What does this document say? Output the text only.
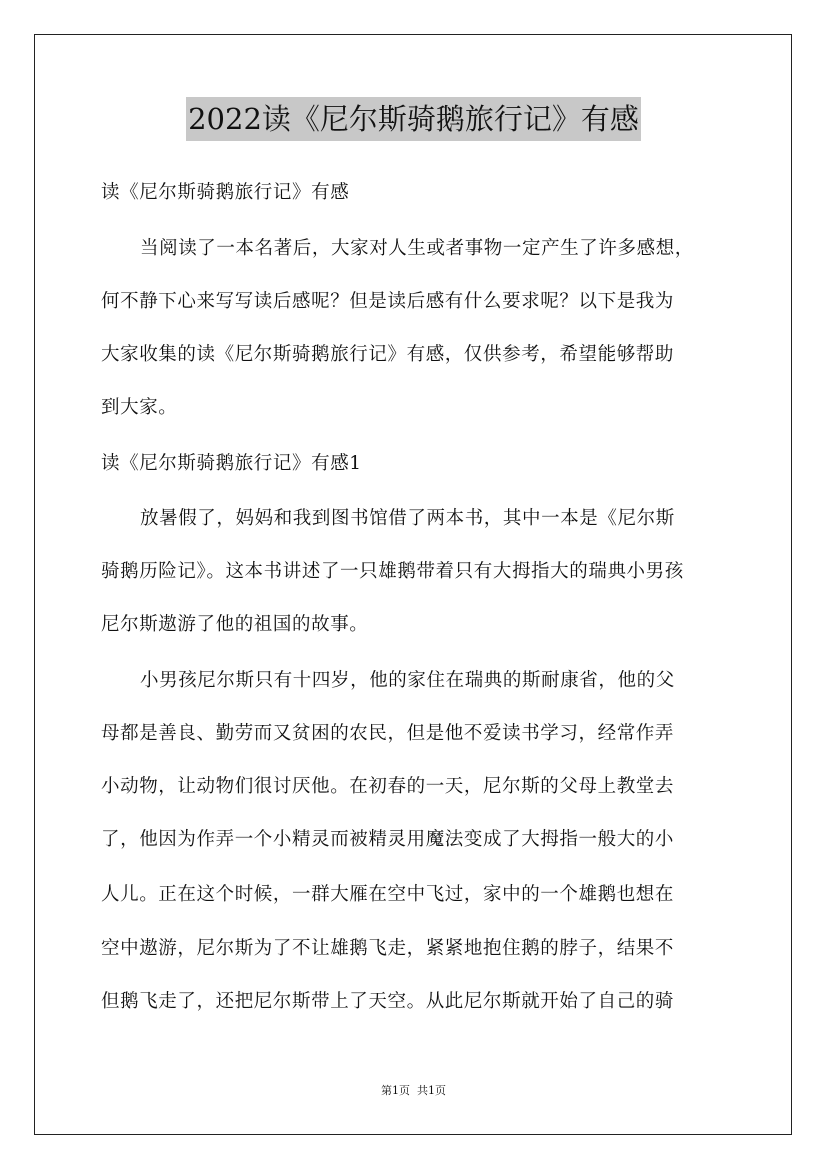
2022读《尼尔斯骑鹅旅行记》有感
读《尼尔斯骑鹅旅行记》有感
当阅读了一本名著后，大家对人生或者事物一定产生了许多感想，
何不静下心来写写读后感呢？但是读后感有什么要求呢？以下是我为
大家收集的读《尼尔斯骑鹅旅行记》有感，仅供参考，希望能够帮助
到大家。
读《尼尔斯骑鹅旅行记》有感1
放暑假了，妈妈和我到图书馆借了两本书，其中一本是《尼尔斯
骑鹅历险记》。这本书讲述了一只雄鹅带着只有大拇指大的瑞典小男孩
尼尔斯遨游了他的祖国的故事。
小男孩尼尔斯只有十四岁，他的家住在瑞典的斯耐康省，他的父
母都是善良、勤劳而又贫困的农民，但是他不爱读书学习，经常作弄
小动物，让动物们很讨厌他。在初春的一天，尼尔斯的父母上教堂去
了，他因为作弄一个小精灵而被精灵用魔法变成了大拇指一般大的小
人儿。正在这个时候，一群大雁在空中飞过，家中的一个雄鹅也想在
空中遨游，尼尔斯为了不让雄鹅飞走，紧紧地抱住鹅的脖子，结果不
但鹅飞走了，还把尼尔斯带上了天空。从此尼尔斯就开始了自己的骑
第1页  共1页
